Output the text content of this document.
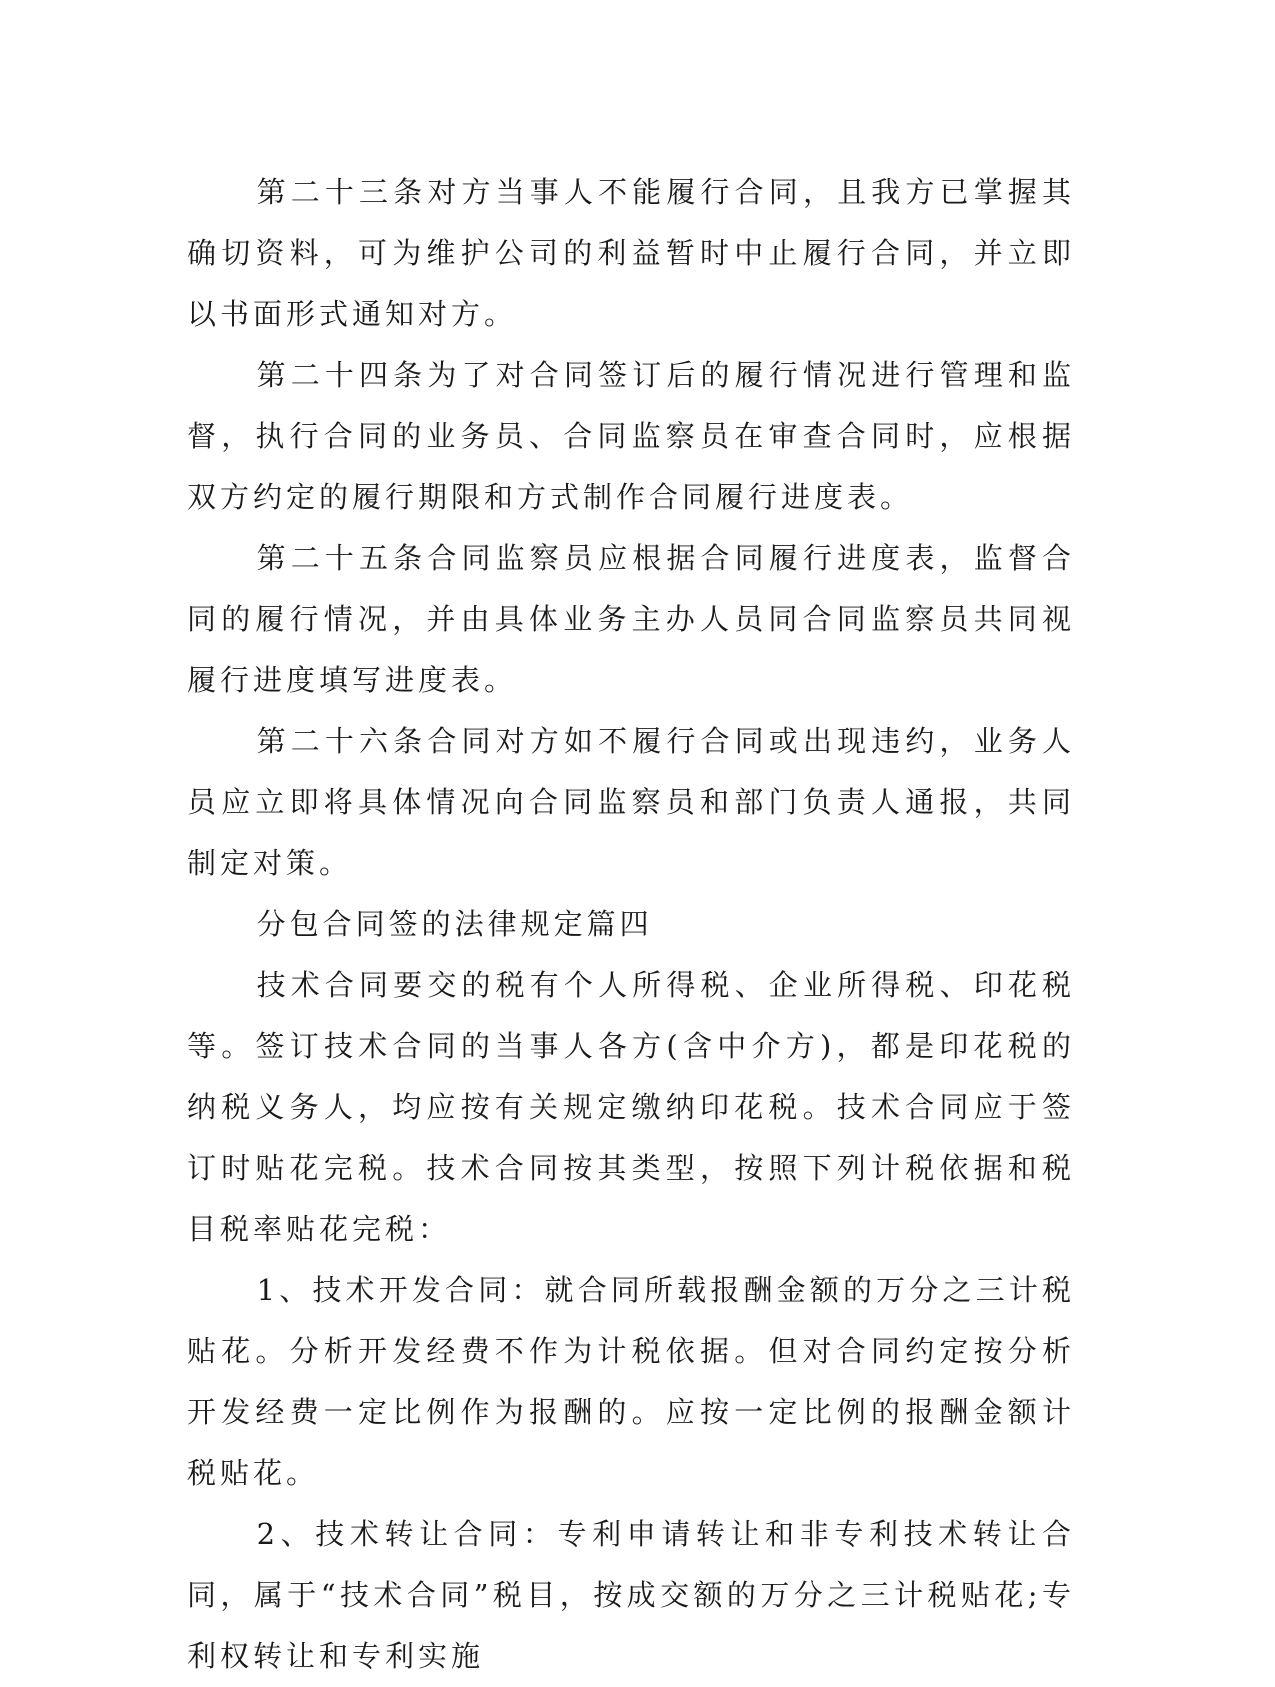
第二十三条对方当事人不能履行合同，且我方已掌握其确切资料，可为维护公司的利益暂时中止履行合同，并立即以书面形式通知对方。

第二十四条为了对合同签订后的履行情况进行管理和监督，执行合同的业务员、合同监察员在审查合同时，应根据双方约定的履行期限和方式制作合同履行进度表。

第二十五条合同监察员应根据合同履行进度表，监督合同的履行情况，并由具体业务主办人员同合同监察员共同视履行进度填写进度表。

第二十六条合同对方如不履行合同或出现违约，业务人员应立即将具体情况向合同监察员和部门负责人通报，共同制定对策。

分包合同签的法律规定篇四

技术合同要交的税有个人所得税、企业所得税、印花税等。签订技术合同的当事人各方(含中介方)，都是印花税的纳税义务人，均应按有关规定缴纳印花税。技术合同应于签订时贴花完税。技术合同按其类型，按照下列计税依据和税目税率贴花完税：

1、技术开发合同：就合同所载报酬金额的万分之三计税贴花。分析开发经费不作为计税依据。但对合同约定按分析开发经费一定比例作为报酬的。应按一定比例的报酬金额计税贴花。

2、技术转让合同：专利申请转让和非专利技术转让合同，属于“技术合同”税目，按成交额的万分之三计税贴花;专利权转让和专利实施
